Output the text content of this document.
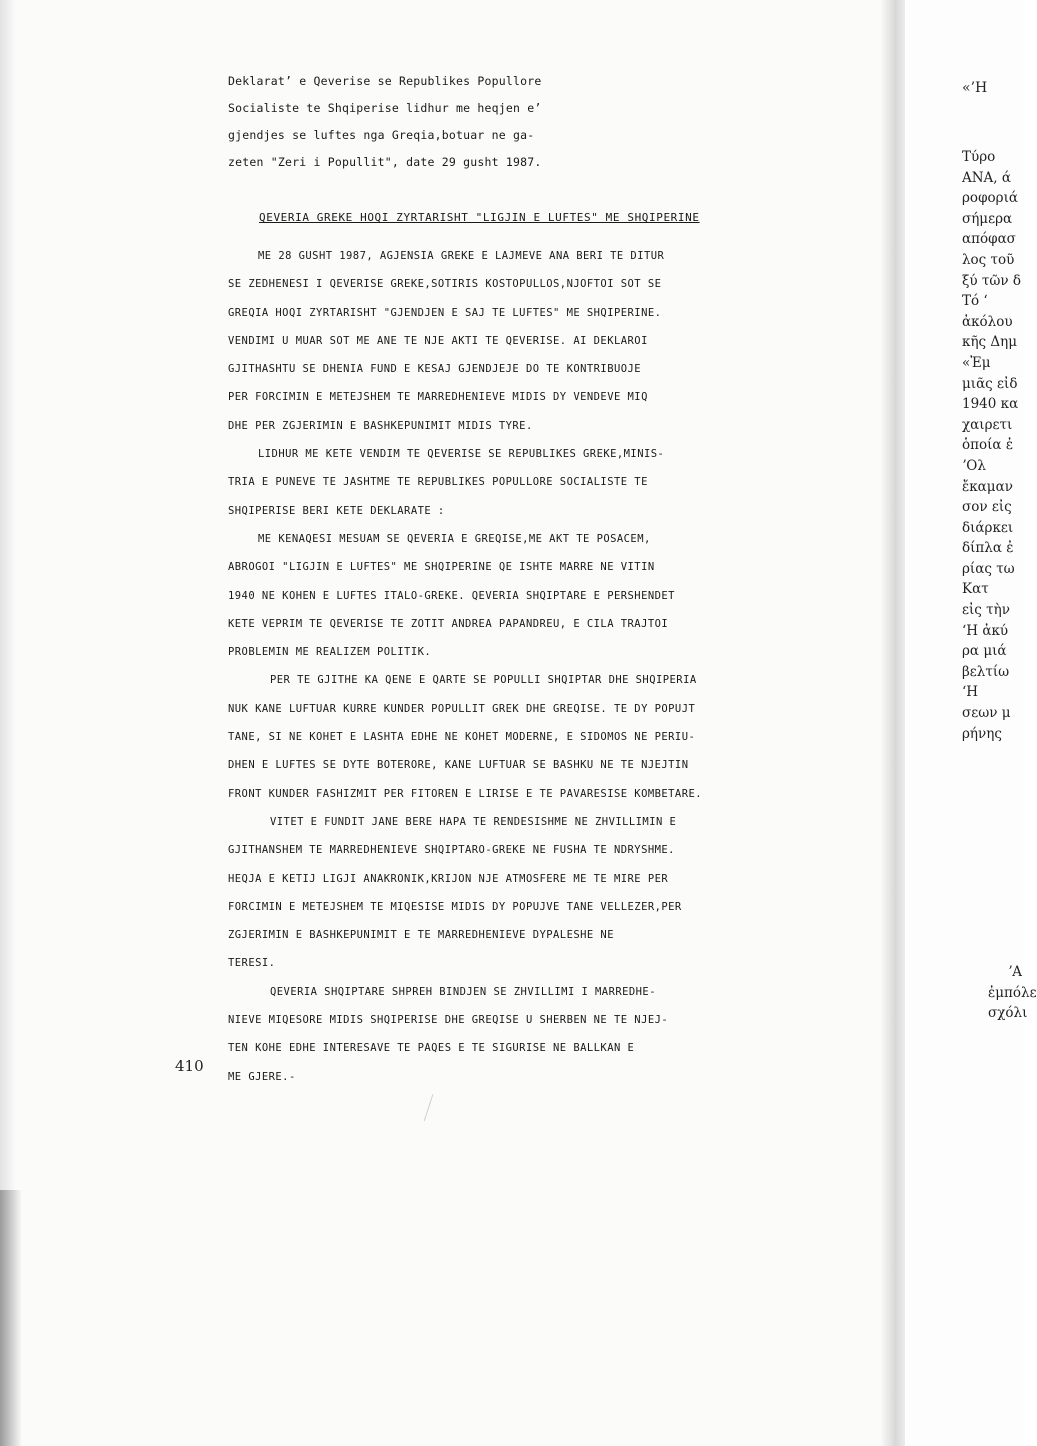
Deklarat’ e Qeverise se Republikes Popullore
Socialiste te Shqiperise lidhur me heqjen e’
gjendjes se luftes nga Greqia,botuar ne ga-
zeten "Zeri i Popullit", date 29 gusht 1987.
QEVERIA GREKE HOQI ZYRTARISHT "LIGJIN E LUFTES" ME SHQIPERINE
ME 28 GUSHT 1987, AGJENSIA GREKE E LAJMEVE ANA BERI TE DITUR
SE ZEDHENESI I QEVERISE GREKE,SOTIRIS KOSTOPULLOS,NJOFTOI SOT SE
GREQIA HOQI ZYRTARISHT "GJENDJEN E SAJ TE LUFTES" ME SHQIPERINE.
VENDIMI U MUAR SOT ME ANE TE NJE AKTI TE QEVERISE. AI DEKLAROI
GJITHASHTU SE DHENIA FUND E KESAJ GJENDJEJE DO TE KONTRIBUOJE
PER FORCIMIN E METEJSHEM TE MARREDHENIEVE MIDIS DY VENDEVE MIQ
DHE PER ZGJERIMIN E BASHKEPUNIMIT MIDIS TYRE.
LIDHUR ME KETE VENDIM TE QEVERISE SE REPUBLIKES GREKE,MINIS-
TRIA E PUNEVE TE JASHTME TE REPUBLIKES POPULLORE SOCIALISTE TE
SHQIPERISE BERI KETE DEKLARATE :
ME KENAQESI MESUAM SE QEVERIA E GREQISE,ME AKT TE POSACEM,
ABROGOI "LIGJIN E LUFTES" ME SHQIPERINE QE ISHTE MARRE NE VITIN
1940 NE KOHEN E LUFTES ITALO-GREKE. QEVERIA SHQIPTARE E PERSHENDET
KETE VEPRIM TE QEVERISE TE ZOTIT ANDREA PAPANDREU, E CILA TRAJTOI
PROBLEMIN ME REALIZEM POLITIK.
PER TE GJITHE KA QENE E QARTE SE POPULLI SHQIPTAR DHE SHQIPERIA
NUK KANE LUFTUAR KURRE KUNDER POPULLIT GREK DHE GREQISE. TE DY POPUJT
TANE, SI NE KOHET E LASHTA EDHE NE KOHET MODERNE, E SIDOMOS NE PERIU-
DHEN E LUFTES SE DYTE BOTERORE, KANE LUFTUAR SE BASHKU NE TE NJEJTIN
FRONT KUNDER FASHIZMIT PER FITOREN E LIRISE E TE PAVARESISE KOMBETARE.
VITET E FUNDIT JANE BERE HAPA TE RENDESISHME NE ZHVILLIMIN E
GJITHANSHEM TE MARREDHENIEVE SHQIPTARO-GREKE NE FUSHA TE NDRYSHME.
HEQJA E KETIJ LIGJI ANAKRONIK,KRIJON NJE ATMOSFERE ME TE MIRE PER
FORCIMIN E METEJSHEM TE MIQESISE MIDIS DY POPUJVE TANE VELLEZER,PER
ZGJERIMIN E BASHKEPUNIMIT E TE MARREDHENIEVE DYPALESHE NE
TERESI.
QEVERIA SHQIPTARE SHPREH BINDJEN SE ZHVILLIMI I MARREDHE-
NIEVE MIQESORE MIDIS SHQIPERISE DHE GREQISE U SHERBEN NE TE NJEJ-
TEN KOHE EDHE INTERESAVE TE PAQES E TE SIGURISE NE BALLKAN E
ME GJERE.-
410
«’H
Tύρο
ΑΝΑ, ά
ροφοριά
σήμερα
απόφασ
λος τοῦ
ξύ τῶν δ
Tό ʻ
ἀκόλου
κῆς Δημ
«Ἐμ
μιᾶς εἰδ
1940 κα
χαιρετι
ὁποία ἐ
ʼΟλ
ἔκαμαν
σον εἰς
διάρκει
δίπλα ἐ
ρίας τω
Κατ
εἰς τὴν
‘Η ἀκύ
ρα μιά
βελτίω
‘Η
σεων μ
ρήνης
ʼΑ
ἐμπόλε
σχόλι
